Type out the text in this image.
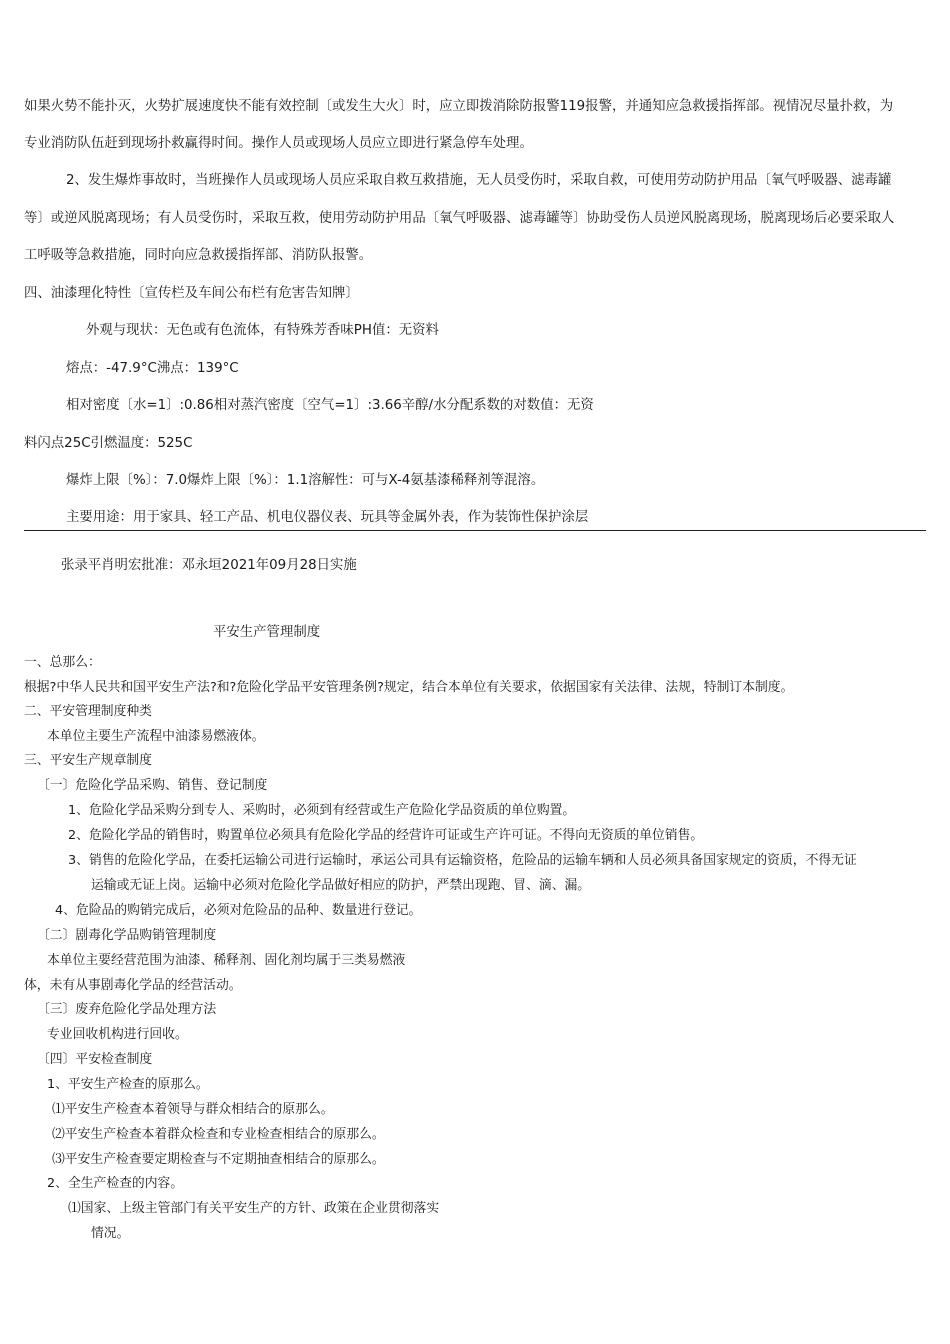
如果火势不能扑灭，火势扩展速度快不能有效控制〔或发生大火〕时，应立即拨消除防报警119报警，并通知应急救援指挥部。视情况尽量扑救，为
专业消防队伍赶到现场扑救赢得时间。操作人员或现场人员应立即进行紧急停车处理。
2、发生爆炸事故时，当班操作人员或现场人员应采取自救互救措施，无人员受伤时，采取自救，可使用劳动防护用品〔氧气呼吸器、滤毒罐
等〕或逆风脱离现场；有人员受伤时，采取互救，使用劳动防护用品〔氧气呼吸器、滤毒罐等〕协助受伤人员逆风脱离现场，脱离现场后必要采取人
工呼吸等急救措施，同时向应急救援指挥部、消防队报警。
四、油漆理化特性〔宣传栏及车间公布栏有危害告知牌〕
外观与现状：无色或有色流体，有特殊芳香味PH值：无资料
熔点：-47.9°C沸点：139°C
相对密度〔水=1〕:0.86相对蒸汽密度〔空气=1〕:3.66辛醇/水分配系数的对数值：无资
料闪点25C引燃温度：525C
爆炸上限〔%〕：7.0爆炸上限〔%〕：1.1溶解性：可与X-4氨基漆稀释剂等混溶。
主要用途：用于家具、轻工产品、机电仪器仪表、玩具等金属外表，作为装饰性保护涂层
张录平肖明宏批准：邓永垣2021年09月28日实施
平安生产管理制度
一、总那么：
根据?中华人民共和国平安生产法?和?危险化学品平安管理条例?规定，结合本单位有关要求，依据国家有关法律、法规，特制订本制度。
二、平安管理制度种类
本单位主要生产流程中油漆易燃液体。
三、平安生产规章制度
〔一〕危险化学品采购、销售、登记制度
1、危险化学品采购分到专人、采购时，必须到有经营或生产危险化学品资质的单位购置。
2、危险化学品的销售时，购置单位必须具有危险化学品的经营许可证或生产许可证。不得向无资质的单位销售。
3、销售的危险化学品，在委托运输公司进行运输时，承运公司具有运输资格，危险品的运输车辆和人员必须具备国家规定的资质，不得无证
运输或无证上岗。运输中必须对危险化学品做好相应的防护，严禁出现跑、冒、滴、漏。
4、危险品的购销完成后，必须对危险品的品种、数量进行登记。
〔二〕剧毒化学品购销管理制度
本单位主要经营范围为油漆、稀释剂、固化剂均属于三类易燃液
体，未有从事剧毒化学品的经营活动。
〔三〕废弃危险化学品处理方法
专业回收机构进行回收。
〔四〕平安检查制度
1、平安生产检查的原那么。
⑴平安生产检查本着领导与群众相结合的原那么。
⑵平安生产检查本着群众检查和专业检查相结合的原那么。
⑶平安生产检查要定期检查与不定期抽查相结合的原那么。
2、全生产检查的内容。
⑴国家、上级主管部门有关平安生产的方针、政策在企业贯彻落实
情况。
